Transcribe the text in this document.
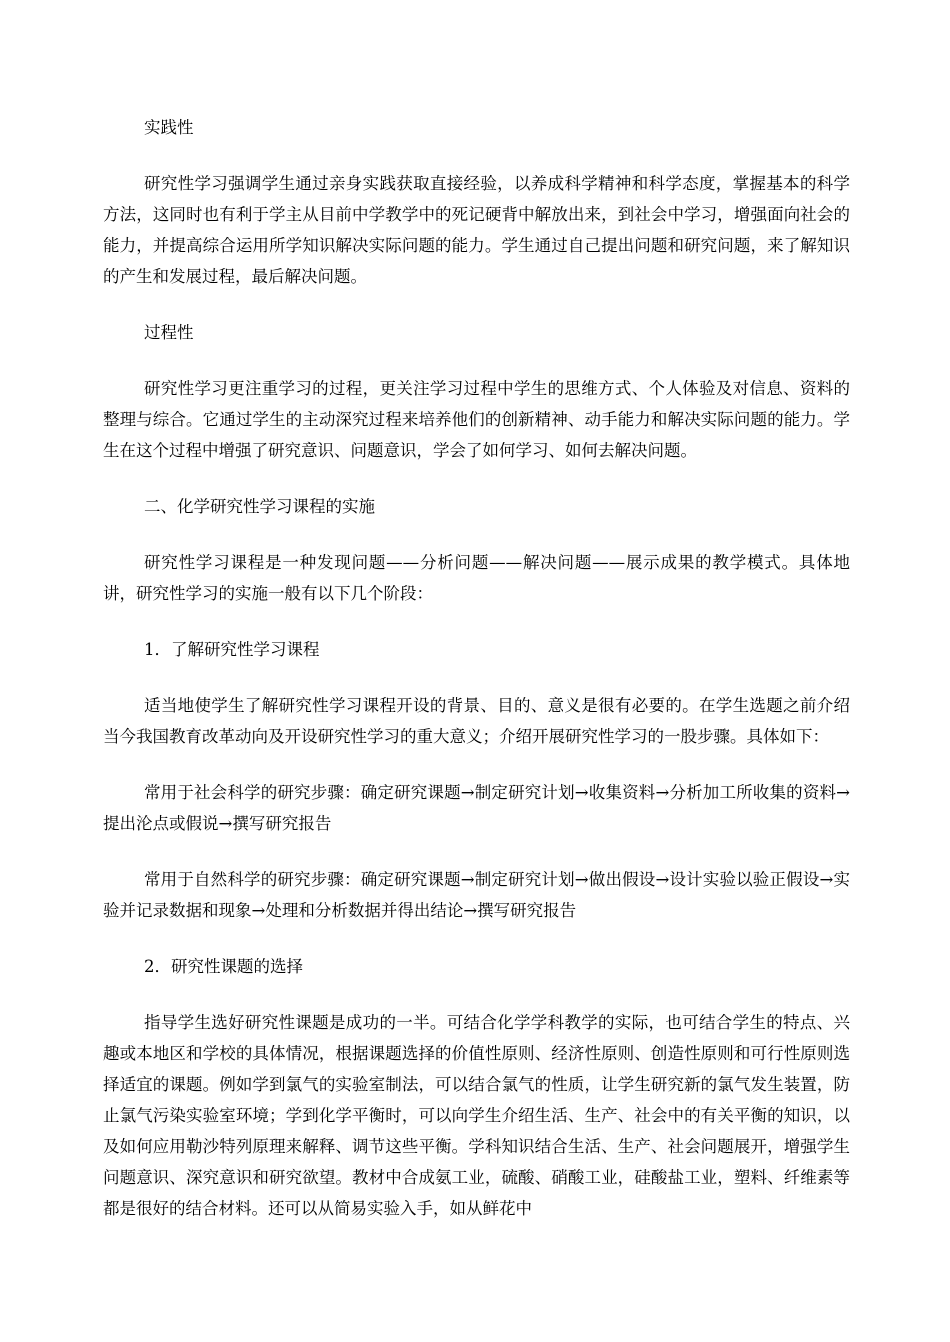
实践性

研究性学习强调学生通过亲身实践获取直接经验，以养成科学精神和科学态度，掌握基本的科学方法，这同时也有利于学主从目前中学教学中的死记硬背中解放出来，到社会中学习，增强面向社会的能力，并提高综合运用所学知识解决实际问题的能力。学生通过自己提出问题和研究问题，来了解知识的产生和发展过程，最后解决问题。

过程性

研究性学习更注重学习的过程，更关注学习过程中学生的思维方式、个人体验及对信息、资料的整理与综合。它通过学生的主动深究过程来培养他们的创新精神、动手能力和解决实际问题的能力。学生在这个过程中增强了研究意识、问题意识，学会了如何学习、如何去解决问题。

二、化学研究性学习课程的实施

研究性学习课程是一种发现问题——分析问题——解决问题——展示成果的教学模式。具体地讲，研究性学习的实施一般有以下几个阶段：

1．了解研究性学习课程

适当地使学生了解研究性学习课程开设的背景、目的、意义是很有必要的。在学生选题之前介绍当今我国教育改革动向及开设研究性学习的重大意义；介绍开展研究性学习的一股步骤。具体如下：

常用于社会科学的研究步骤：确定研究课题→制定研究计划→收集资料→分析加工所收集的资料→提出沦点或假说→撰写研究报告

常用于自然科学的研究步骤：确定研究课题→制定研究计划→做出假设→设计实验以验正假设→实验并记录数据和现象→处理和分析数据并得出结论→撰写研究报告

2．研究性课题的选择

指导学生选好研究性课题是成功的一半。可结合化学学科教学的实际，也可结合学生的特点、兴趣或本地区和学校的具体情况，根据课题选择的价值性原则、经济性原则、创造性原则和可行性原则选择适宜的课题。例如学到氯气的实验室制法，可以结合氯气的性质，让学生研究新的氯气发生装置，防止氯气污染实验室环境；学到化学平衡时，可以向学生介绍生活、生产、社会中的有关平衡的知识，以及如何应用勒沙特列原理来解释、调节这些平衡。学科知识结合生活、生产、社会问题展开，增强学生问题意识、深究意识和研究欲望。教材中合成氨工业，硫酸、硝酸工业，硅酸盐工业，塑料、纤维素等都是很好的结合材料。还可以从简易实验入手，如从鲜花中
